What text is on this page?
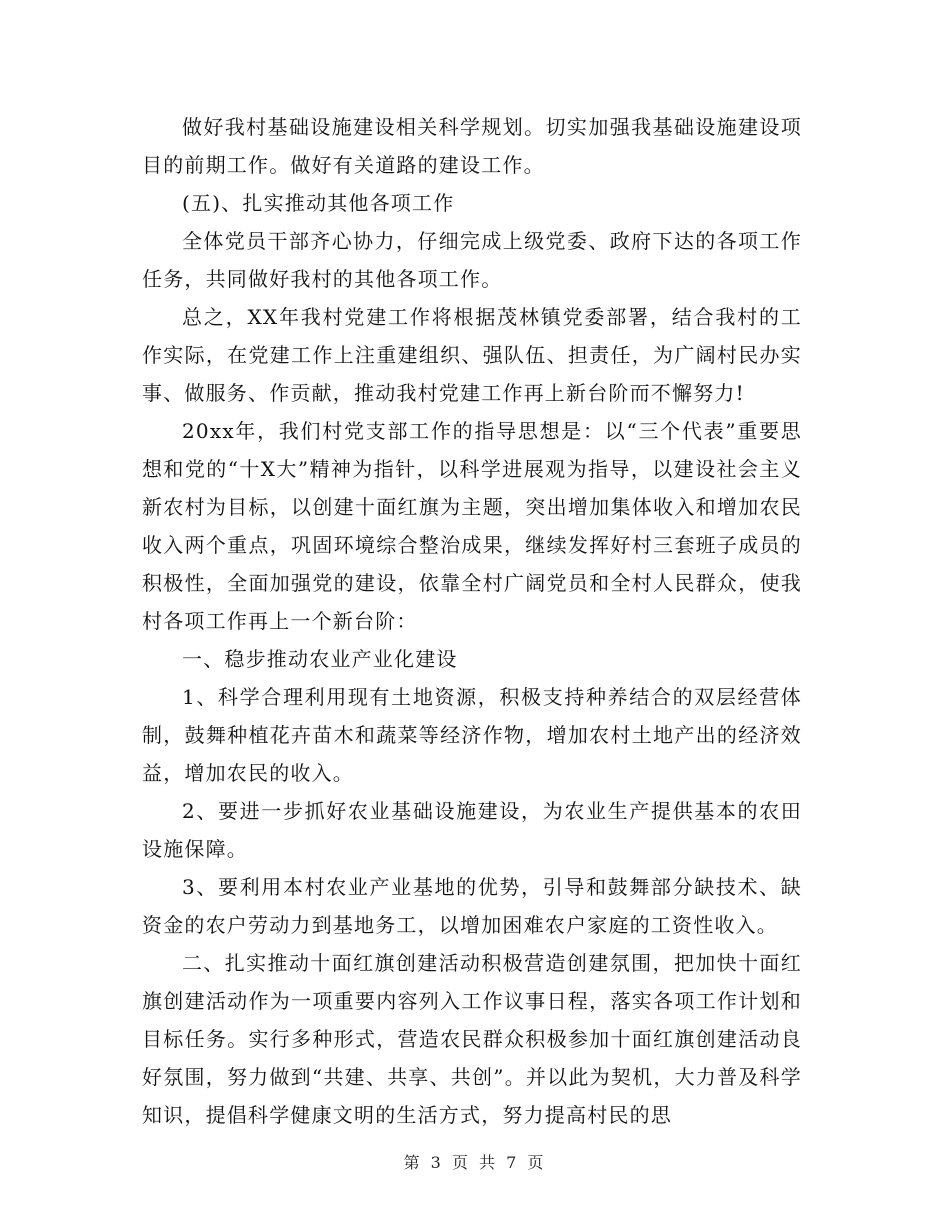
做好我村基础设施建设相关科学规划。切实加强我基础设施建设项目的前期工作。做好有关道路的建设工作。

(五)、扎实推动其他各项工作

全体党员干部齐心协力，仔细完成上级党委、政府下达的各项工作任务，共同做好我村的其他各项工作。

总之，XX年我村党建工作将根据茂林镇党委部署，结合我村的工作实际，在党建工作上注重建组织、强队伍、担责任，为广阔村民办实事、做服务、作贡献，推动我村党建工作再上新台阶而不懈努力!

20xx年，我们村党支部工作的指导思想是：以“三个代表”重要思想和党的“十X大”精神为指针，以科学进展观为指导，以建设社会主义新农村为目标，以创建十面红旗为主题，突出增加集体收入和增加农民收入两个重点，巩固环境综合整治成果，继续发挥好村三套班子成员的积极性，全面加强党的建设，依靠全村广阔党员和全村人民群众，使我村各项工作再上一个新台阶：

一、稳步推动农业产业化建设

1、科学合理利用现有土地资源，积极支持种养结合的双层经营体制，鼓舞种植花卉苗木和蔬菜等经济作物，增加农村土地产出的经济效益，增加农民的收入。

2、要进一步抓好农业基础设施建设，为农业生产提供基本的农田设施保障。

3、要利用本村农业产业基地的优势，引导和鼓舞部分缺技术、缺资金的农户劳动力到基地务工，以增加困难农户家庭的工资性收入。

二、扎实推动十面红旗创建活动积极营造创建氛围，把加快十面红旗创建活动作为一项重要内容列入工作议事日程，落实各项工作计划和目标任务。实行多种形式，营造农民群众积极参加十面红旗创建活动良好氛围，努力做到“共建、共享、共创”。并以此为契机，大力普及科学知识，提倡科学健康文明的生活方式，努力提高村民的思

第 3 页 共 7 页
